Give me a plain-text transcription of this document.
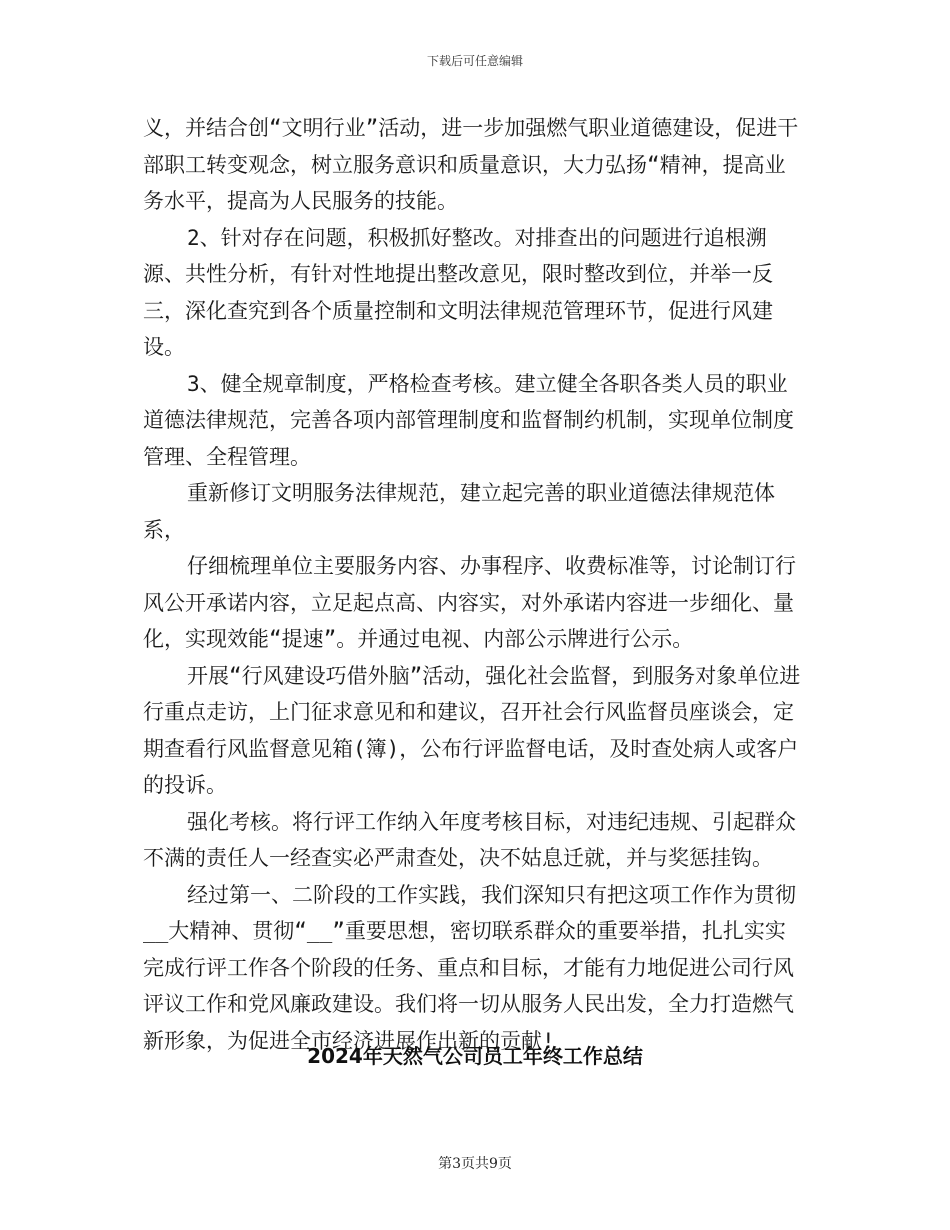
下载后可任意编辑

义，并结合创“文明行业”活动，进一步加强燃气职业道德建设，促进干部职工转变观念，树立服务意识和质量意识，大力弘扬“精神，提高业务水平，提高为人民服务的技能。

2、针对存在问题，积极抓好整改。对排查出的问题进行追根溯源、共性分析，有针对性地提出整改意见，限时整改到位，并举一反三，深化查究到各个质量控制和文明法律规范管理环节，促进行风建设。

3、健全规章制度，严格检查考核。建立健全各职各类人员的职业道德法律规范，完善各项内部管理制度和监督制约机制，实现单位制度管理、全程管理。

重新修订文明服务法律规范，建立起完善的职业道德法律规范体系，

仔细梳理单位主要服务内容、办事程序、收费标准等，讨论制订行风公开承诺内容，立足起点高、内容实，对外承诺内容进一步细化、量化，实现效能“提速”。并通过电视、内部公示牌进行公示。

开展“行风建设巧借外脑”活动，强化社会监督，到服务对象单位进行重点走访，上门征求意见和和建议，召开社会行风监督员座谈会，定期查看行风监督意见箱(簿)，公布行评监督电话，及时查处病人或客户的投诉。

强化考核。将行评工作纳入年度考核目标，对违纪违规、引起群众不满的责任人一经查实必严肃查处，决不姑息迁就，并与奖惩挂钩。

经过第一、二阶段的工作实践，我们深知只有把这项工作作为贯彻__大精神、贯彻“__”重要思想，密切联系群众的重要举措，扎扎实实完成行评工作各个阶段的任务、重点和目标，才能有力地促进公司行风评议工作和党风廉政建设。我们将一切从服务人民出发，全力打造燃气新形象，为促进全市经济进展作出新的贡献!

2024年天然气公司员工年终工作总结
第3页共9页
